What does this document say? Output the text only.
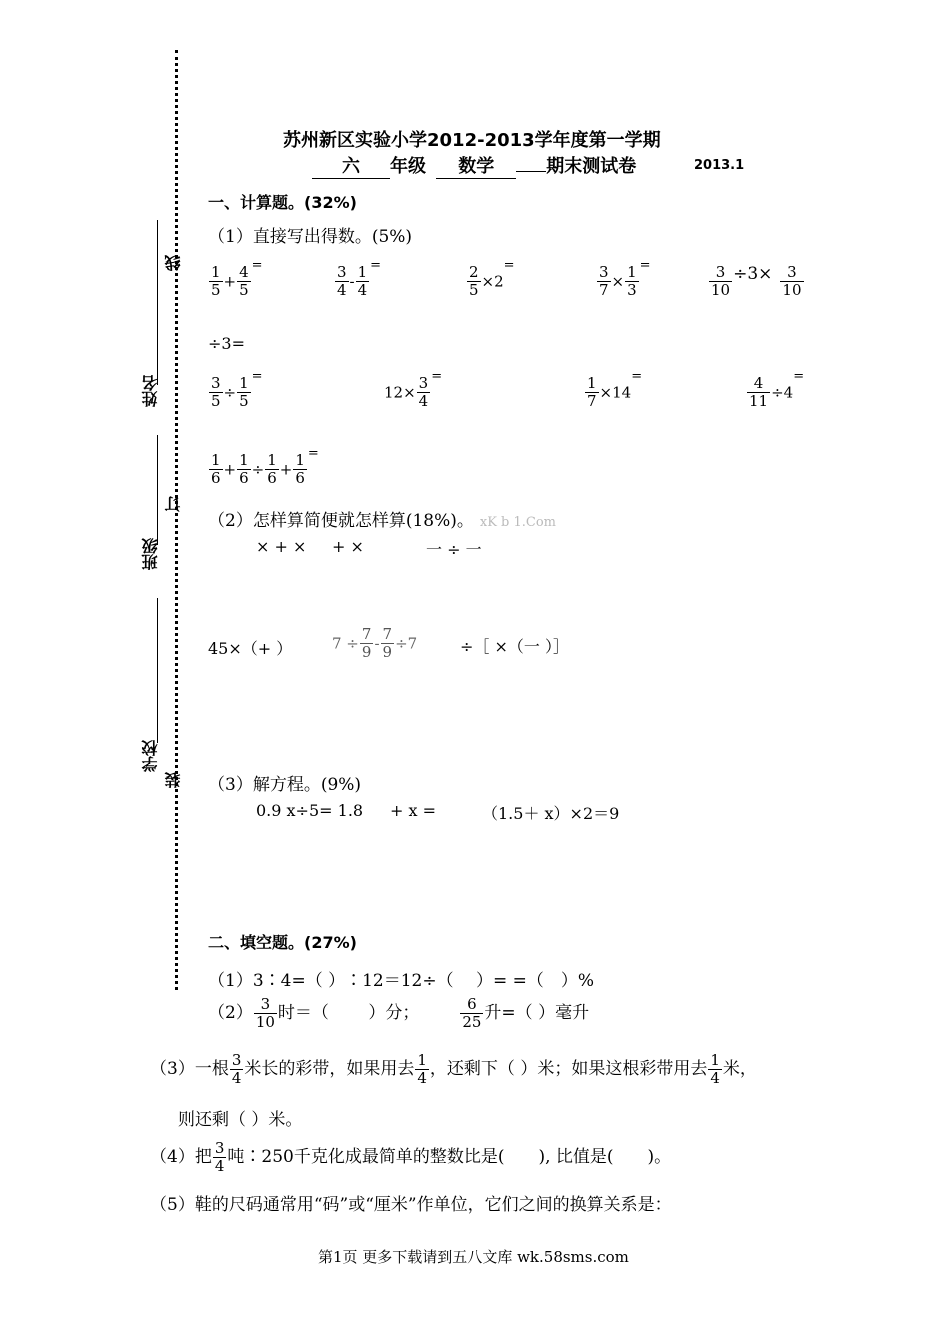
姓名
班级
学校
线
订
装
苏州新区实验小学2012-2013学年度第一学期
六 年级 数学	期末测试卷	2013.1
一、计算题。(32%)
（1）直接写出得数。(5%)
$\frac{1}{5} + \frac{4}{5} ^=$	$\frac{3}{4} - \frac{1}{4} ^=$	$\frac{2}{5} \times 2^=$	$\frac{3}{7} \times \frac{1}{3} ^=$	$\frac{3}{10} \div 3\times \frac{3}{10}$
÷3=
$\frac{3}{5} \div \frac{1}{5} ^=$
$12\times \frac{3}{4} ^=$	$\frac{1}{7} \times 14^=$	$\frac{4}{11} \div 4^=$
$\frac{1}{6} + \frac{1}{6} \div \frac{1}{6} + \frac{1}{6} ^=$
（2）怎样算简便就怎样算(18%)。 xK b 1.Com
× + × + ×	一 ÷ 一
45×（+ ）	$7 \div \frac{7}{9} - \frac{7}{9} \div 7$	÷［ ×（一 ）］
（3）解方程。(9%)
0.9 x÷5= 1.8 + x =	（1.5＋ x）×2＝9
二、填空题。(27%)
（1）3∶4=（ ）∶12＝12÷（　 ）= =（　）%
$(2) \frac{3}{10}$ 时＝（　　 ）分；	$\frac{6}{25}$ 升=（ ）毫升
（3）一根 $\frac{3}{4}$ 米长的彩带，如果用去 $\frac{1}{4}$ ，还剩下（ ）米；如果这根彩带用去 $\frac{1}{4}$ 米，
则还剩（ ）米。
（4）把 $\frac{3}{4}$ 吨∶250千克化成最简单的整数比是(　　), 比值是(　　)。
（5）鞋的尺码通常用“码”或“厘米”作单位，它们之间的换算关系是：
第1页 更多下载请到五八文库 wk.58sms.com
